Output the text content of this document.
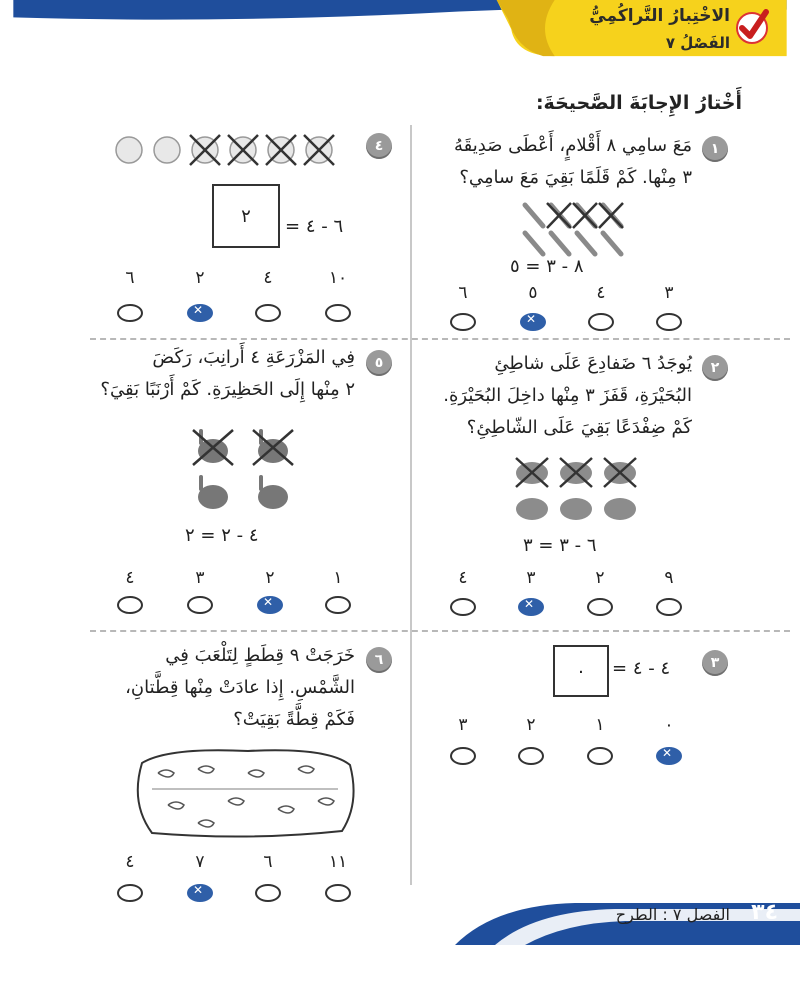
الاخْتِبارُ التَّراكُمِيُّ
الفَصْلُ ٧
أَخْتارُ الإِجابَةَ الصَّحيحَةَ:
١
مَعَ سامِي ٨ أَقْلامٍ، أَعْطَى صَدِيقَهُ
٣ مِنْها. كَمْ قَلَمًا بَقِيَ مَعَ سامِي؟
٨ - ٣ = ٥
٦	٥	٤	٣
✕
٢
يُوجَدُ ٦ ضَفادِعَ عَلَى شاطِئِ
البُحَيْرَةِ، قَفَزَ ٣ مِنْها داخِلَ البُحَيْرَةِ.
كَمْ ضِفْدَعًا بَقِيَ عَلَى الشّاطِئِ؟
٦ - ٣ = ٣
٤	٣	٢	٩
✕
٣
٤ - ٤ =
٠
٣	٢	١	٠
✕
٤
٦ - ٤ =
٢
٦	٢	٤	١٠
✕
٥
فِي المَزْرَعَةِ ٤ أَرانِبَ، رَكَضَ
٢ مِنْها إِلَى الحَظِيرَةِ. كَمْ أَرْنَبًا بَقِيَ؟
٤ - ٢ = ٢
٤	٣	٢	١
✕
٦
خَرَجَتْ ٩ قِطَطٍ لِتَلْعَبَ فِي
الشَّمْسِ. إِذا عادَتْ مِنْها قِطَّتانِ،
فَكَمْ قِطَّةً بَقِيَتْ؟
٤	٧	٦	١١
✕
الفصل ٧ : الطرح ٣٤
